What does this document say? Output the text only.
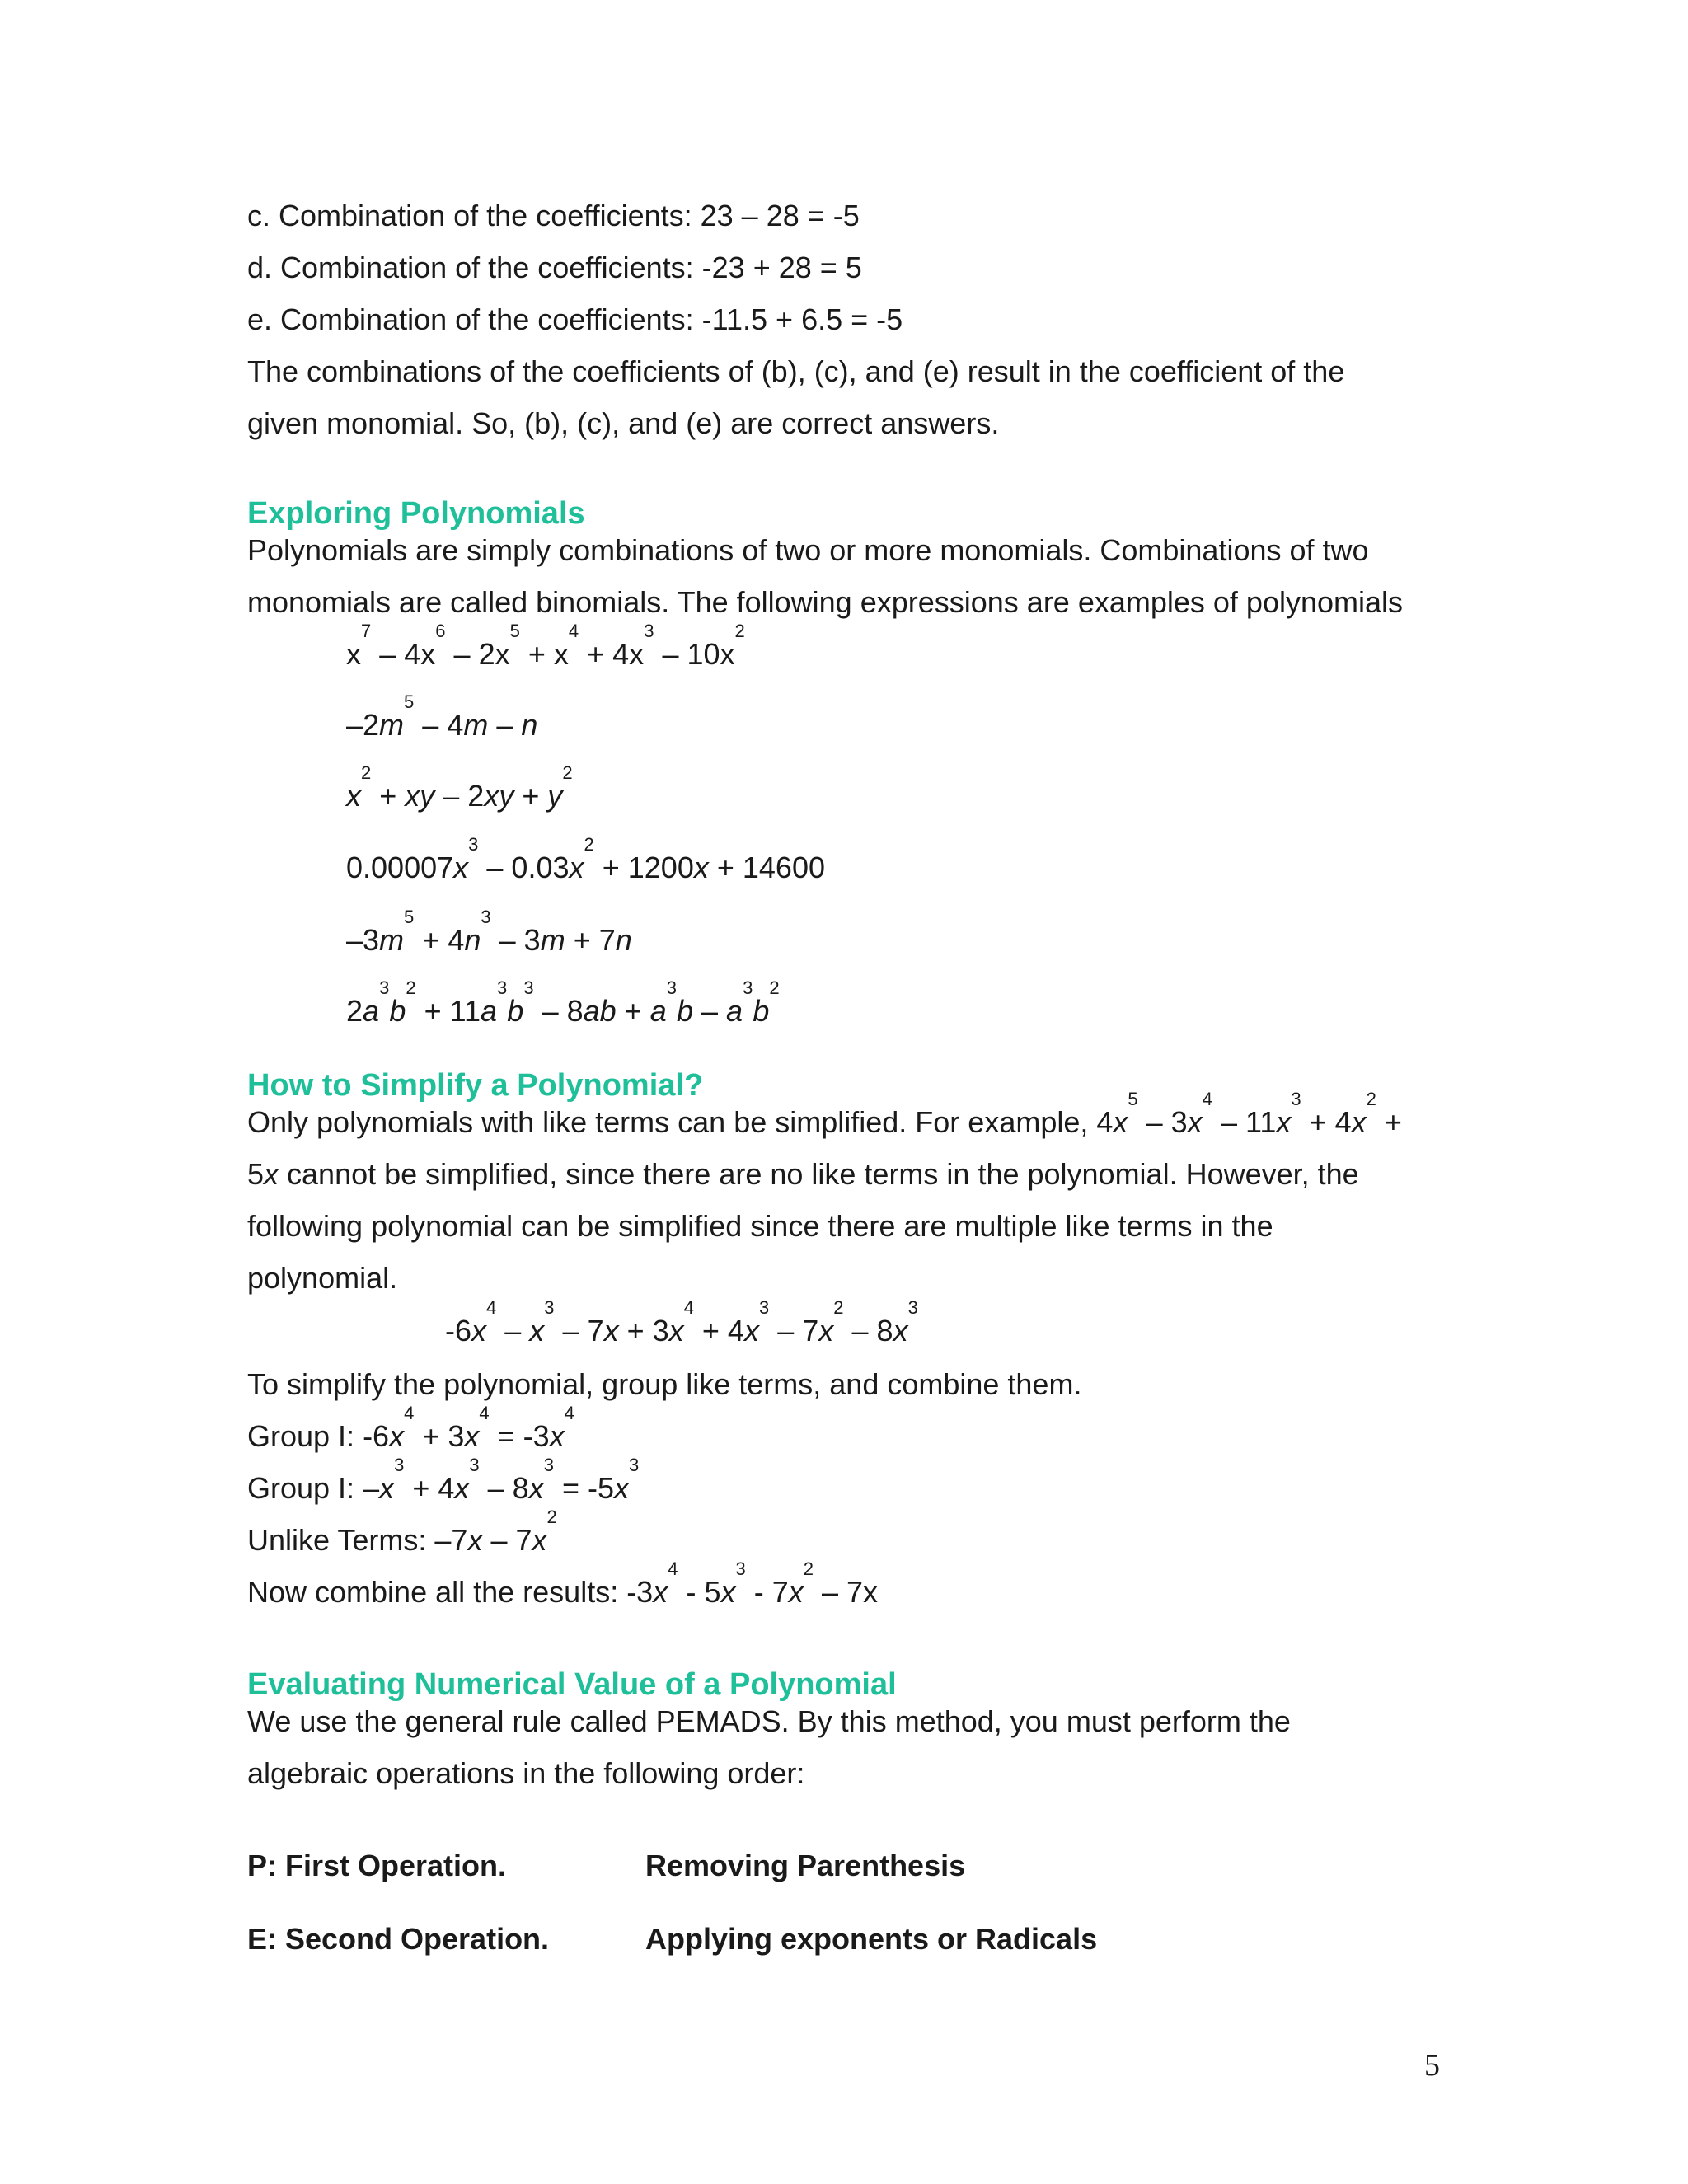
c. Combination of the coefficients: 23 – 28 = -5
d. Combination of the coefficients: -23 + 28 = 5
e. Combination of the coefficients: -11.5 + 6.5 = -5
The combinations of the coefficients of (b), (c), and (e) result in the coefficient of the
given monomial. So, (b), (c), and (e) are correct answers.
Exploring Polynomials
Polynomials are simply combinations of two or more monomials. Combinations of two
monomials are called binomials. The following expressions are examples of polynomials
$x^7 - 4x^6 - 2x^5 + x^4 + 4x^3 - 10x^2$
$-2m^5 - 4m$ – n
$x^2$ + xy – $2xy + y^2$
$0.00007x^3 - 0.03x^2 + 1200x + 14600$
$-3m^5 + 4n^3 - 3m + 7n$
$2a^3b^2 + 11a^3b^3 - 8ab + a^3b - a^3b^2$
How to Simplify a Polynomial?
Only polynomials with like terms can be simplified. For example, $4x^5 - 3x^4 - 11x^3 + 4x^2$ +
5x cannot be simplified, since there are no like terms in the polynomial. However, the
following polynomial can be simplified since there are multiple like terms in the
polynomial.
$-6x^4 - x^3 - 7x + 3x^4 + 4x^3 - 7x^2 - 8x^3$
To simplify the polynomial, group like terms, and combine them.
Group I: $-6x^4 + 3x^4 = -3x^4$
Group I: $-x^3 + 4x^3 - 8x^3 = -5x^3$
Unlike Terms: $-7x - 7x^2$
Now combine all the results: $-3x^4 - 5x^3 - 7x^2 - 7x$
Evaluating Numerical Value of a Polynomial
We use the general rule called PEMADS. By this method, you must perform the
algebraic operations in the following order:
P: First Operation.	Removing Parenthesis
E: Second Operation.	Applying exponents or Radicals
5
